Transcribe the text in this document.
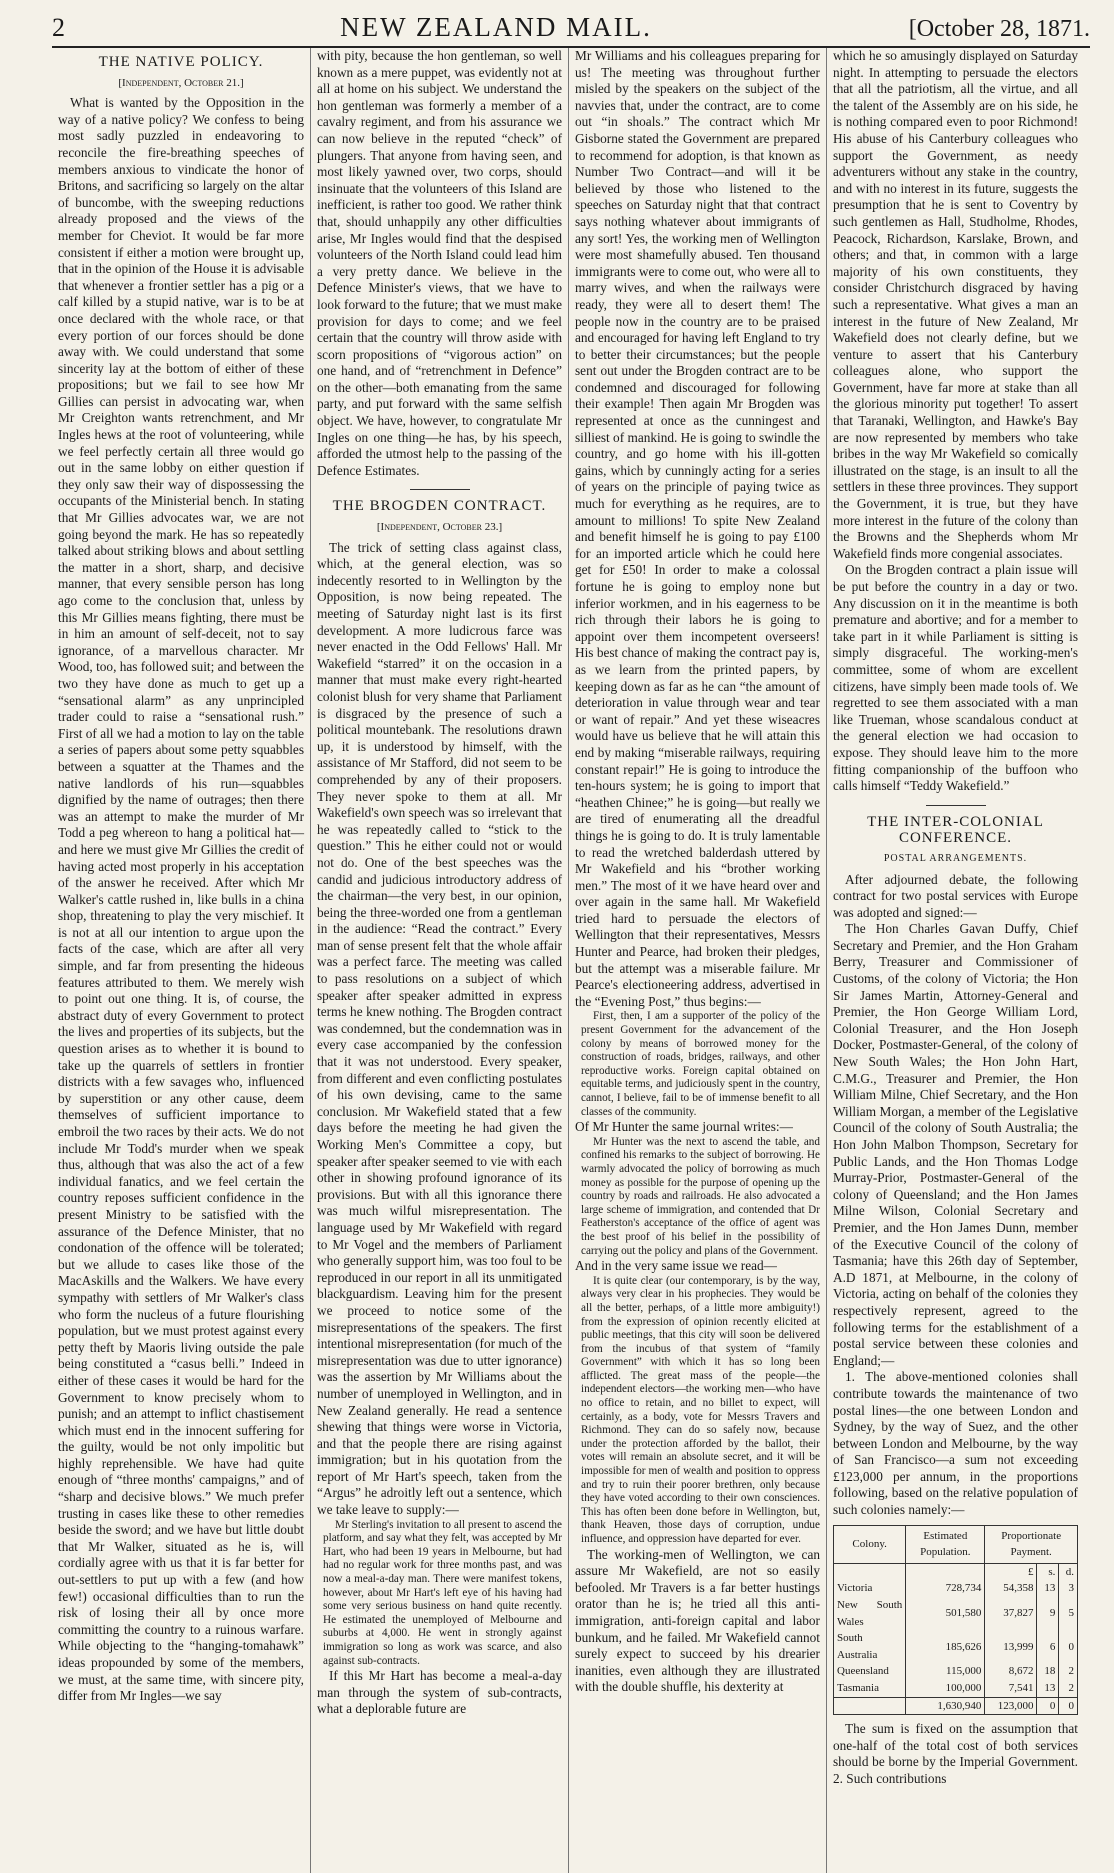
2	NEW ZEALAND MAIL.	[October 28, 1871.
THE NATIVE POLICY.
[Independent, October 21.]

What is wanted by the Opposition in the way of a native policy? We confess to being most sadly puzzled in endeavoring to reconcile the fire-breathing speeches of members anxious to vindicate the honor of Britons, and sacrificing so largely on the altar of buncombe, with the sweeping reductions already proposed and the views of the member for Cheviot. It would be far more consistent if either a motion were brought up, that in the opinion of the House it is advisable that whenever a frontier settler has a pig or a calf killed by a stupid native, war is to be at once declared with the whole race, or that every portion of our forces should be done away with. We could understand that some sincerity lay at the bottom of either of these propositions; but we fail to see how Mr Gillies can persist in advocating war, when Mr Creighton wants retrenchment, and Mr Ingles hews at the root of volunteering, while we feel perfectly certain all three would go out in the same lobby on either question if they only saw their way of dispossessing the occupants of the Ministerial bench. In stating that Mr Gillies advocates war, we are not going beyond the mark. He has so repeatedly talked about striking blows and about settling the matter in a short, sharp, and decisive manner, that every sensible person has long ago come to the conclusion that, unless by this Mr Gillies means fighting, there must be in him an amount of self-deceit, not to say ignorance, of a marvellous character. Mr Wood, too, has followed suit; and between the two they have done as much to get up a “sensational alarm” as any unprincipled trader could to raise a “sensational rush.” First of all we had a motion to lay on the table a series of papers about some petty squabbles between a squatter at the Thames and the native landlords of his run—squabbles dignified by the name of outrages; then there was an attempt to make the murder of Mr Todd a peg whereon to hang a political hat—and here we must give Mr Gillies the credit of having acted most properly in his acceptation of the answer he received. After which Mr Walker's cattle rushed in, like bulls in a china shop, threatening to play the very mischief. It is not at all our intention to argue upon the facts of the case, which are after all very simple, and far from presenting the hideous features attributed to them. We merely wish to point out one thing. It is, of course, the abstract duty of every Government to protect the lives and properties of its subjects, but the question arises as to whether it is bound to take up the quarrels of settlers in frontier districts with a few savages who, influenced by superstition or any other cause, deem themselves of sufficient importance to embroil the two races by their acts. We do not include Mr Todd's murder when we speak thus, although that was also the act of a few individual fanatics, and we feel certain the country reposes sufficient confidence in the present Ministry to be satisfied with the assurance of the Defence Minister, that no condonation of the offence will be tolerated; but we allude to cases like those of the MacAskills and the Walkers. We have every sympathy with settlers of Mr Walker's class who form the nucleus of a future flourishing population, but we must protest against every petty theft by Maoris living outside the pale being constituted a “casus belli.” Indeed in either of these cases it would be hard for the Government to know precisely whom to punish; and an attempt to inflict chastisement which must end in the innocent suffering for the guilty, would be not only impolitic but highly reprehensible. We have had quite enough of “three months' campaigns,” and of “sharp and decisive blows.” We much prefer trusting in cases like these to other remedies beside the sword; and we have but little doubt that Mr Walker, situated as he is, will cordially agree with us that it is far better for out-settlers to put up with a few (and how few!) occasional difficulties than to run the risk of losing their all by once more committing the country to a ruinous warfare. While objecting to the “hanging-tomahawk” ideas propounded by some of the members, we must, at the same time, with sincere pity, differ from Mr Ingles—we say

with pity, because the hon gentleman, so well known as a mere puppet, was evidently not at all at home on his subject. We understand the hon gentleman was formerly a member of a cavalry regiment, and from his assurance we can now believe in the reputed “check” of plungers. That anyone from having seen, and most likely yawned over, two corps, should insinuate that the volunteers of this Island are inefficient, is rather too good. We rather think that, should unhappily any other difficulties arise, Mr Ingles would find that the despised volunteers of the North Island could lead him a very pretty dance. We believe in the Defence Minister's views, that we have to look forward to the future; that we must make provision for days to come; and we feel certain that the country will throw aside with scorn propositions of “vigorous action” on one hand, and of “retrenchment in Defence” on the other—both emanating from the same party, and put forward with the same selfish object. We have, however, to congratulate Mr Ingles on one thing—he has, by his speech, afforded the utmost help to the passing of the Defence Estimates.

THE BROGDEN CONTRACT.
[Independent, October 23.]

The trick of setting class against class, which, at the general election, was so indecently resorted to in Wellington by the Opposition, is now being repeated. The meeting of Saturday night last is its first development. A more ludicrous farce was never enacted in the Odd Fellows' Hall. Mr Wakefield “starred” it on the occasion in a manner that must make every right-hearted colonist blush for very shame that Parliament is disgraced by the presence of such a political mountebank. The resolutions drawn up, it is understood by himself, with the assistance of Mr Stafford, did not seem to be comprehended by any of their proposers. They never spoke to them at all. Mr Wakefield's own speech was so irrelevant that he was repeatedly called to “stick to the question.” This he either could not or would not do. One of the best speeches was the candid and judicious introductory address of the chairman—the very best, in our opinion, being the three-worded one from a gentleman in the audience: “Read the contract.” Every man of sense present felt that the whole affair was a perfect farce. The meeting was called to pass resolutions on a subject of which speaker after speaker admitted in express terms he knew nothing. The Brogden contract was condemned, but the condemnation was in every case accompanied by the confession that it was not understood. Every speaker, from different and even conflicting postulates of his own devising, came to the same conclusion. Mr Wakefield stated that a few days before the meeting he had given the Working Men's Committee a copy, but speaker after speaker seemed to vie with each other in showing profound ignorance of its provisions. But with all this ignorance there was much wilful misrepresentation. The language used by Mr Wakefield with regard to Mr Vogel and the members of Parliament who generally support him, was too foul to be reproduced in our report in all its unmitigated blackguardism. Leaving him for the present we proceed to notice some of the misrepresentations of the speakers. The first intentional misrepresentation (for much of the misrepresentation was due to utter ignorance) was the assertion by Mr Williams about the number of unemployed in Wellington, and in New Zealand generally. He read a sentence shewing that things were worse in Victoria, and that the people there are rising against immigration; but in his quotation from the report of Mr Hart's speech, taken from the “Argus” he adroitly left out a sentence, which we take leave to supply:—

Mr Sterling's invitation to all present to ascend the platform, and say what they felt, was accepted by Mr Hart, who had been 19 years in Melbourne, but had had no regular work for three months past, and was now a meal-a-day man. There were manifest tokens, however, about Mr Hart's left eye of his having had some very serious business on hand quite recently. He estimated the unemployed of Melbourne and suburbs at 4,000. He went in strongly against immigration so long as work was scarce, and also against sub-contracts.

If this Mr Hart has become a meal-a-day man through the system of sub-contracts, what a deplorable future are

Mr Williams and his colleagues preparing for us! The meeting was throughout further misled by the speakers on the subject of the navvies that, under the contract, are to come out “in shoals.” The contract which Mr Gisborne stated the Government are prepared to recommend for adoption, is that known as Number Two Contract—and will it be believed by those who listened to the speeches on Saturday night that that contract says nothing whatever about immigrants of any sort! Yes, the working men of Wellington were most shamefully abused. Ten thousand immigrants were to come out, who were all to marry wives, and when the railways were ready, they were all to desert them! The people now in the country are to be praised and encouraged for having left England to try to better their circumstances; but the people sent out under the Brogden contract are to be condemned and discouraged for following their example! Then again Mr Brogden was represented at once as the cunningest and silliest of mankind. He is going to swindle the country, and go home with his ill-gotten gains, which by cunningly acting for a series of years on the principle of paying twice as much for everything as he requires, are to amount to millions! To spite New Zealand and benefit himself he is going to pay £100 for an imported article which he could here get for £50! In order to make a colossal fortune he is going to employ none but inferior workmen, and in his eagerness to be rich through their labors he is going to appoint over them incompetent overseers! His best chance of making the contract pay is, as we learn from the printed papers, by keeping down as far as he can “the amount of deterioration in value through wear and tear or want of repair.” And yet these wiseacres would have us believe that he will attain this end by making “miserable railways, requiring constant repair!” He is going to introduce the ten-hours system; he is going to import that “heathen Chinee;” he is going—but really we are tired of enumerating all the dreadful things he is going to do. It is truly lamentable to read the wretched balderdash uttered by Mr Wakefield and his “brother working men.” The most of it we have heard over and over again in the same hall. Mr Wakefield tried hard to persuade the electors of Wellington that their representatives, Messrs Hunter and Pearce, had broken their pledges, but the attempt was a miserable failure. Mr Pearce's electioneering address, advertised in the “Evening Post,” thus begins:—

First, then, I am a supporter of the policy of the present Government for the advancement of the colony by means of borrowed money for the construction of roads, bridges, railways, and other reproductive works. Foreign capital obtained on equitable terms, and judiciously spent in the country, cannot, I believe, fail to be of immense benefit to all classes of the community.

Of Mr Hunter the same journal writes:—

Mr Hunter was the next to ascend the table, and confined his remarks to the subject of borrowing. He warmly advocated the policy of borrowing as much money as possible for the purpose of opening up the country by roads and railroads. He also advocated a large scheme of immigration, and contended that Dr Featherston's acceptance of the office of agent was the best proof of his belief in the possibility of carrying out the policy and plans of the Government.

And in the very same issue we read—

It is quite clear (our contemporary, is by the way, always very clear in his prophecies. They would be all the better, perhaps, of a little more ambiguity!) from the expression of opinion recently elicited at public meetings, that this city will soon be delivered from the incubus of that system of “family Government” with which it has so long been afflicted. The great mass of the people—the independent electors—the working men—who have no office to retain, and no billet to expect, will certainly, as a body, vote for Messrs Travers and Richmond. They can do so safely now, because under the protection afforded by the ballot, their votes will remain an absolute secret, and it will be impossible for men of wealth and position to oppress and try to ruin their poorer brethren, only because they have voted according to their own consciences. This has often been done before in Wellington, but, thank Heaven, those days of corruption, undue influence, and oppression have departed for ever.

The working-men of Wellington, we can assure Mr Wakefield, are not so easily befooled. Mr Travers is a far better hustings orator than he is; he tried all this anti-immigration, anti-foreign capital and labor bunkum, and he failed. Mr Wakefield cannot surely expect to succeed by his drearier inanities, even although they are illustrated with the double shuffle, his dexterity at

which he so amusingly displayed on Saturday night. In attempting to persuade the electors that all the patriotism, all the virtue, and all the talent of the Assembly are on his side, he is nothing compared even to poor Richmond! His abuse of his Canterbury colleagues who support the Government, as needy adventurers without any stake in the country, and with no interest in its future, suggests the presumption that he is sent to Coventry by such gentlemen as Hall, Studholme, Rhodes, Peacock, Richardson, Karslake, Brown, and others; and that, in common with a large majority of his own constituents, they consider Christchurch disgraced by having such a representative. What gives a man an interest in the future of New Zealand, Mr Wakefield does not clearly define, but we venture to assert that his Canterbury colleagues alone, who support the Government, have far more at stake than all the glorious minority put together! To assert that Taranaki, Wellington, and Hawke's Bay are now represented by members who take bribes in the way Mr Wakefield so comically illustrated on the stage, is an insult to all the settlers in these three provinces. They support the Government, it is true, but they have more interest in the future of the colony than the Browns and the Shepherds whom Mr Wakefield finds more congenial associates.

On the Brogden contract a plain issue will be put before the country in a day or two. Any discussion on it in the meantime is both premature and abortive; and for a member to take part in it while Parliament is sitting is simply disgraceful. The working-men's committee, some of whom are excellent citizens, have simply been made tools of. We regretted to see them associated with a man like Trueman, whose scandalous conduct at the general election we had occasion to expose. They should leave him to the more fitting companionship of the buffoon who calls himself “Teddy Wakefield.”

THE INTER-COLONIAL CONFERENCE.
POSTAL ARRANGEMENTS.

After adjourned debate, the following contract for two postal services with Europe was adopted and signed:—

The Hon Charles Gavan Duffy, Chief Secretary and Premier, and the Hon Graham Berry, Treasurer and Commissioner of Customs, of the colony of Victoria; the Hon Sir James Martin, Attorney-General and Premier, the Hon George William Lord, Colonial Treasurer, and the Hon Joseph Docker, Postmaster-General, of the colony of New South Wales; the Hon John Hart, C.M.G., Treasurer and Premier, the Hon William Milne, Chief Secretary, and the Hon William Morgan, a member of the Legislative Council of the colony of South Australia; the Hon John Malbon Thompson, Secretary for Public Lands, and the Hon Thomas Lodge Murray-Prior, Postmaster-General of the colony of Queensland; and the Hon James Milne Wilson, Colonial Secretary and Premier, and the Hon James Dunn, member of the Executive Council of the colony of Tasmania; have this 26th day of September, A.D 1871, at Melbourne, in the colony of Victoria, acting on behalf of the colonies they respectively represent, agreed to the following terms for the establishment of a postal service between these colonies and England;—

1. The above-mentioned colonies shall contribute towards the maintenance of two postal lines—the one between London and Sydney, by the way of Suez, and the other between London and Melbourne, by the way of San Francisco—a sum not exceeding £123,000 per annum, in the proportions following, based on the relative population of such colonies namely:—

Colony.	Estimated Population.	Proportionate Payment.		
		£	s.	d.
Victoria	728,734	54,358	13	3
New South Wales	501,580	37,827	9	5
South Australia	185,626	13,999	6	0
Queensland	115,000	8,672	18	2
Tasmania	100,000	7,541	13	2
	1,630,940	123,000	0	0

The sum is fixed on the assumption that one-half of the total cost of both services should be borne by the Imperial Government. 2. Such contributions
